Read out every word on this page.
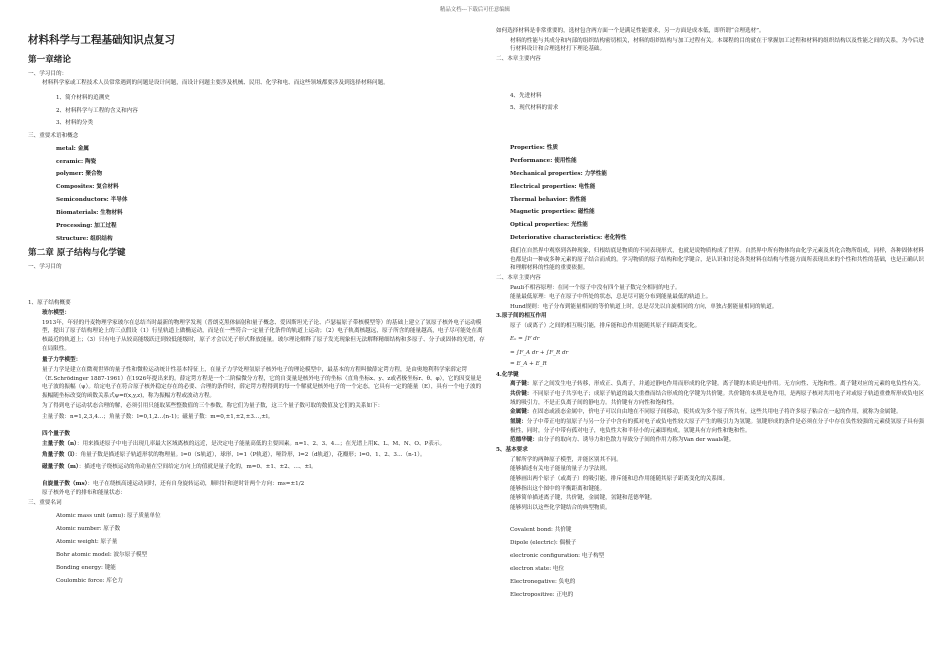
精品文档---下载后可任意编辑
材料科学与工程基础知识点复习
第一章绪论
一、学习目的：
材料科学家或工程技术人员常常遇到的问题是设计问题，而设计问题主要涉及机械、民用、化学和电、而这些领域都要涉及到选择材料问题。
1、简介材料的追溯史
2、材料科学与工程的含义和内容
3、材料的分类
三、重要术语和概念
metal: 金属
ceramic: 陶瓷
polymer: 聚合物
Composites: 复合材料
Semiconductors: 半导体
Biomaterials: 生物材料
Processing: 加工过程
Structure: 组织结构
第二章 原子结构与化学键
一、学习目的
1、原子结构概要
玻尔模型：
1913年，年轻的丹麦物理学家玻尔在总结当时最新的物理学发现（普朗克黑体辐射和量子概念、爱因斯坦光子论、卢瑟福原子带核模型等）的基础上建立了氢原子核外电子运动模型，提出了原子结构理论上的三点假设（1）行星轨道上做椭运动，而是在一些符合一定量子化条件的轨道上运动；（2）电子轨离核越远，原子所含的能量越高，电子尽可能处在离核最近的轨道上；（3）只有电子从较高能级跃迁到较低能级时，原子才会以光子形式释放能量。玻尔理论解释了原子发光现象但无法解释精细结构和多原子、分子或固体的光谱，存在局限性。
量子力学模型：
量子力学是建立在微观世界的量子性和微粒运动统计性基本特征上，在量子力学处理氢原子核外电子的理论模型中，最基本的方程叫做薛定谔方程，是由奥地利科学家薛定谔（E.Schrödinger 1887-1961）在1926年提出来的。薛定谔方程是一个二阶偏微分方程，它的自变量是核外电子的坐标（直角坐标x、y、z或者极坐标r、θ、φ），它的因变量是电子波的振幅（ψ）。给定电子在符合原子核外稳定存在的必要、合理的条件时，薛定谔方程得到的每一个解就是核外电子的一个定态，它具有一定的能量（E），具有一个电子波的振幅随坐标改变的函数关系式ψ=f(x,y,z)，称为振幅方程或波动方程。
为了得到电子运动状态合理的解，必须引用只能取某些整数值的三个参数，称它们为量子数，这三个量子数可取的数值及它们的关系如下：
主量子数：n=1,2,3,4…；角量子数：l=0,1,2…(n-1)；磁量子数：m=0,±1,±2,±3…,±l。
四个量子数
主量子数（n）：用来描述原子中电子出现几率最大区域离核的远近，是决定电子能量高低的主要因素。n=1、2、3、4…；在光谱上用K、L、M、N、O、P表示。
角量子数（l）：角量子数是描述原子轨道形状的物理量。l=0（S轨道），球形，l=1（P轨道），哑铃形，l=2（d轨道），花瓣形；l=0、1、2、3…（n-1）。
磁量子数（m）：描述电子绕核运动的角动量在空间给定方向上的值就是量子化的，m=0、±1、±2、…、±l。
自旋量子数（ms）：电子在绕核高速运动同时，还有自身旋转运动，顺时针和逆时针两个方向：ms=±1/2
原子核外电子的排布和能量状态：
三、重要名词
Atomic mass unit (amu): 原子质量单位
Atomic number: 原子数
Atomic weight: 原子量
Bohr atomic model: 波尔原子模型
Bonding energy: 键能
Coulombic force: 库仑力
如何选择材料是非常重要的，选材包含两方面一个是满足性能要求，另一方面是成本低，即所谓“合理选材”。
材料的性能与其成分和内部的组织结构密切相关，材料的组织结构与加工过程有关。本课程的目的就在于掌握加工过程和材料的组织结构以及性能之间的关系，为今后进行材料设计和合理选材打下理论基础。
二、本章主要内容
4、先进材料
5、现代材料的需求
Properties: 性质
Performance: 使用性能
Mechanical properties: 力学性能
Electrical properties: 电性能
Thermal behavior: 热性能
Magnetic properties: 磁性能
Optical properties: 光性能
Deteriorative characteristics: 老化特性
我们在自然界中观察到各种现象，归根结底是物质的不同表现形式，也就是说物质构成了世界。自然界中所有物体均由化学元素及其化合物所组成，同样，各种固体材料也都是由一种或多种元素的原子结合而成的。学习物质的原子结构和化学键合，是认识和讨论各类材料在结构与性能方面所表现出来的个性和共性的基础，也是正确认识和理解材料的性能的重要依据。
二、本章主要内容
Pauli不相容原理：在同一个原子中没有四个量子数完全相同的电子。
能量最低原理：电子在原子中所处的状态，总是尽可能分布到能量最低的轨道上。
Hund规则：电子分布到能量相同的等价轨道上时，总是尽先以自旋相同的方向，单独占据能量相同的轨道。
3.原子间的相互作用
原子（或离子）之间的相互吸引能，排斥能和总作用能随其原子间距离变化。
Eₙ = ∫F dr
= ∫F_A dr + ∫F_R dr
= E_A + E_R
4.化学键
离子键：原子之间发生电子转移，形成正、负离子，并通过静电作用而形成的化学键。离子键的本质是电作用。无方向性、无饱和性。离子键对应的元素的电负性有关。
共价键：不同原子电子共享电子；成原子轨道的最大重叠而结合形成的化学键为共价键。共价键的本质是电作用，是两原子核对共用电子对或原子轨道重叠所形成负电区域的吸引力，不是正负离子间的静电力。共价键有方向性和饱和性。
金属键：在固态或液态金属中，价电子可以自由地在不同原子间移动，使其成为多个原子所共有，这些共用电子将许多原子粘合在一起的作用，就称为金属键。
氢键：分子中带正电的氢原子与另一分子中含有的孤对电子或负电性较大原子产生的吸引力为氢键。氢键形成的条件是必须在分子中存在负性较强的元素使氢原子具有强极性，同时，分子中带有孤对电子，电负性大和半径小的元素即构成。氢键具有方向性和饱和性。
范德华键：由分子的取向力、诱导力和色散力导致分子间的作用力称为Van der waals键。
5、基本要求
了解所学的两种原子模型，并能区别其不同。
能够描述有关电子能量的量子力学法则。
能够画出两个原子（或离子）的吸引能，排斥能和总作用能随其原子距离变化的关系图。
能够指出这个图中的平衡距离和键能。
能够简单描述离子键，共价键，金属键，氢键和范德华键。
能够列出以这些化学键结合的典型物质。
Covalent bond: 共价键
Dipole (electric): 偶极子
electronic configuration: 电子构型
electron state: 电位
Electronegative: 负电的
Electropositive: 正电的
